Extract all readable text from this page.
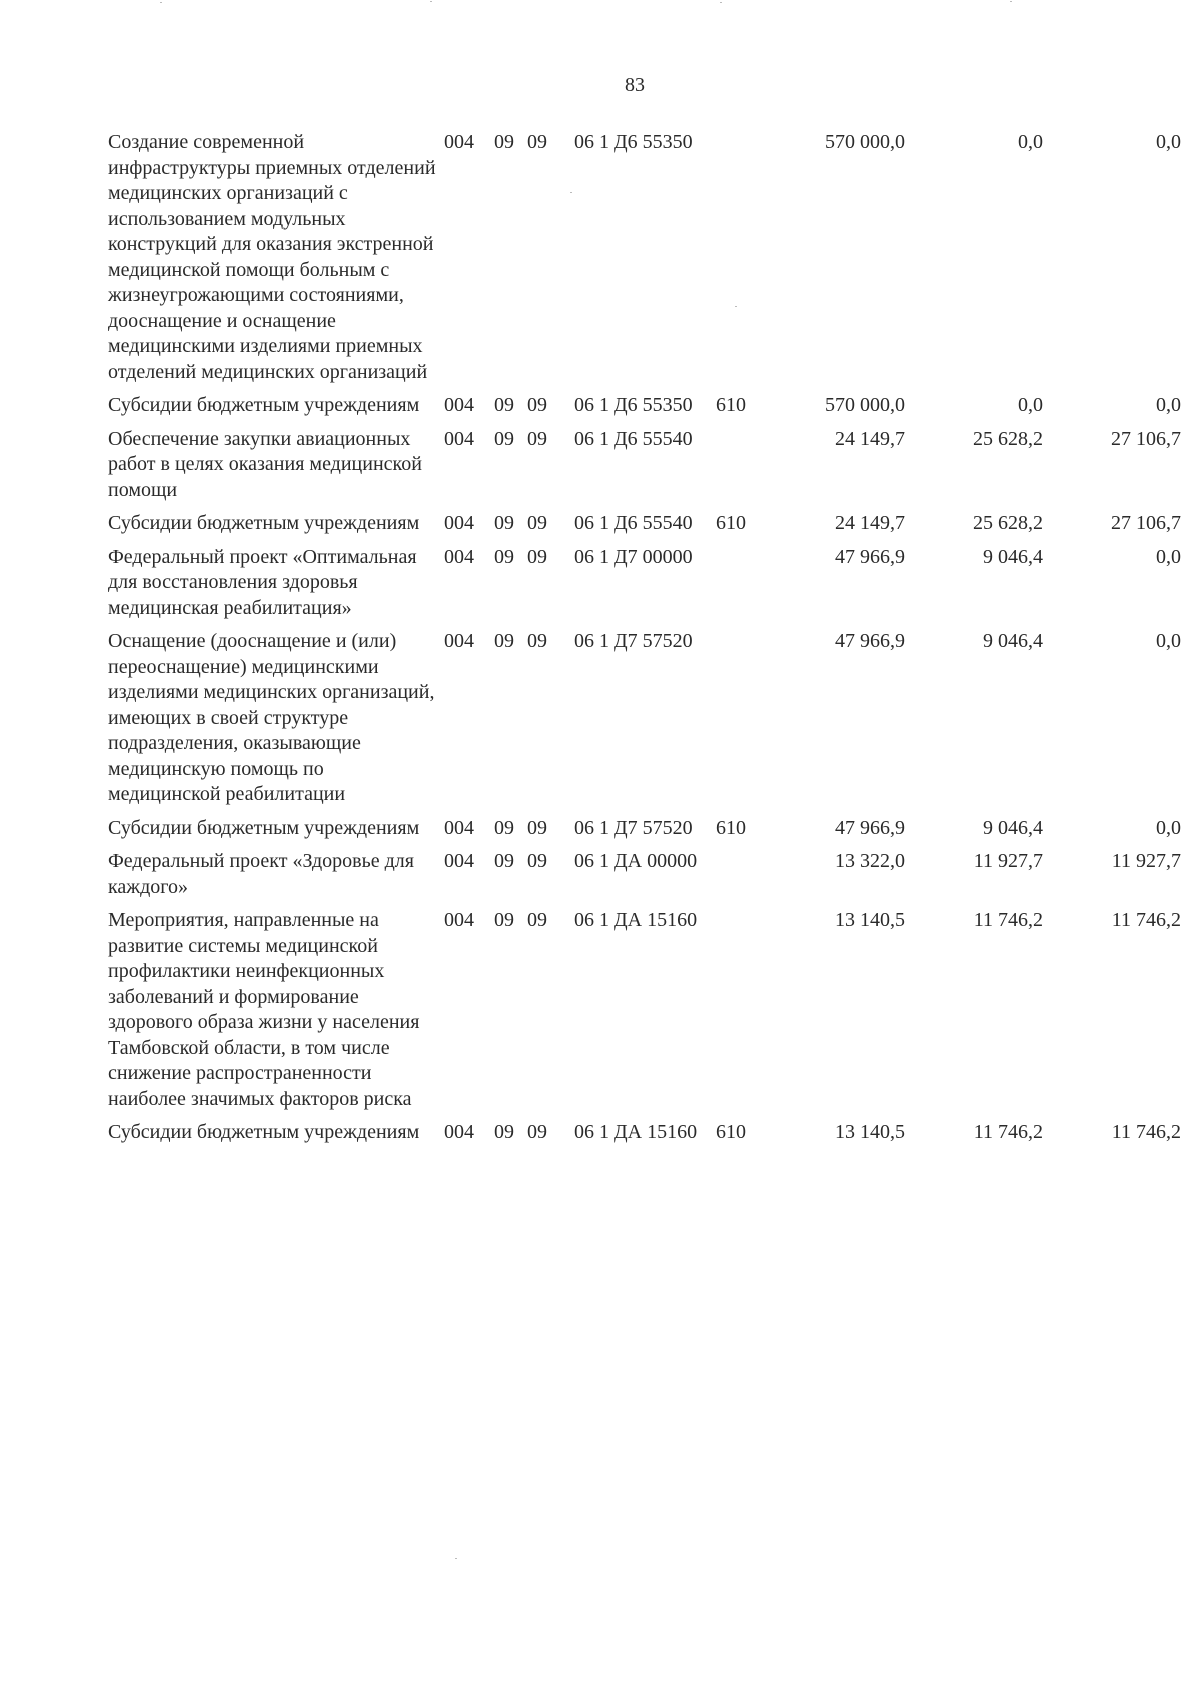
83
Создание современной инфраструктуры приемных отделений медицинских организаций с использованием модульных конструкций для оказания экстренной медицинской помощи больным с жизнеугрожающими состояниями, дооснащение и оснащение медицинскими изделиями приемных отделений медицинских организаций	004	09	09	06 1 Д6 55350		570 000,0	0,0	0,0
Субсидии бюджетным учреждениям	004	09	09	06 1 Д6 55350	610	570 000,0	0,0	0,0
Обеспечение закупки авиационных работ в целях оказания медицинской помощи	004	09	09	06 1 Д6 55540		24 149,7	25 628,2	27 106,7
Субсидии бюджетным учреждениям	004	09	09	06 1 Д6 55540	610	24 149,7	25 628,2	27 106,7
Федеральный проект «Оптимальная для восстановления здоровья медицинская реабилитация»	004	09	09	06 1 Д7 00000		47 966,9	9 046,4	0,0
Оснащение (дооснащение и (или) переоснащение) медицинскими изделиями медицинских организаций, имеющих в своей структуре подразделения, оказывающие медицинскую помощь по медицинской реабилитации	004	09	09	06 1 Д7 57520		47 966,9	9 046,4	0,0
Субсидии бюджетным учреждениям	004	09	09	06 1 Д7 57520	610	47 966,9	9 046,4	0,0
Федеральный проект «Здоровье для каждого»	004	09	09	06 1 ДА 00000		13 322,0	11 927,7	11 927,7
Мероприятия, направленные на развитие системы медицинской профилактики неинфекционных заболеваний и формирование здорового образа жизни у населения Тамбовской области, в том числе снижение распространенности наиболее значимых факторов риска	004	09	09	06 1 ДА 15160		13 140,5	11 746,2	11 746,2
Субсидии бюджетным учреждениям	004	09	09	06 1 ДА 15160	610	13 140,5	11 746,2	11 746,2
